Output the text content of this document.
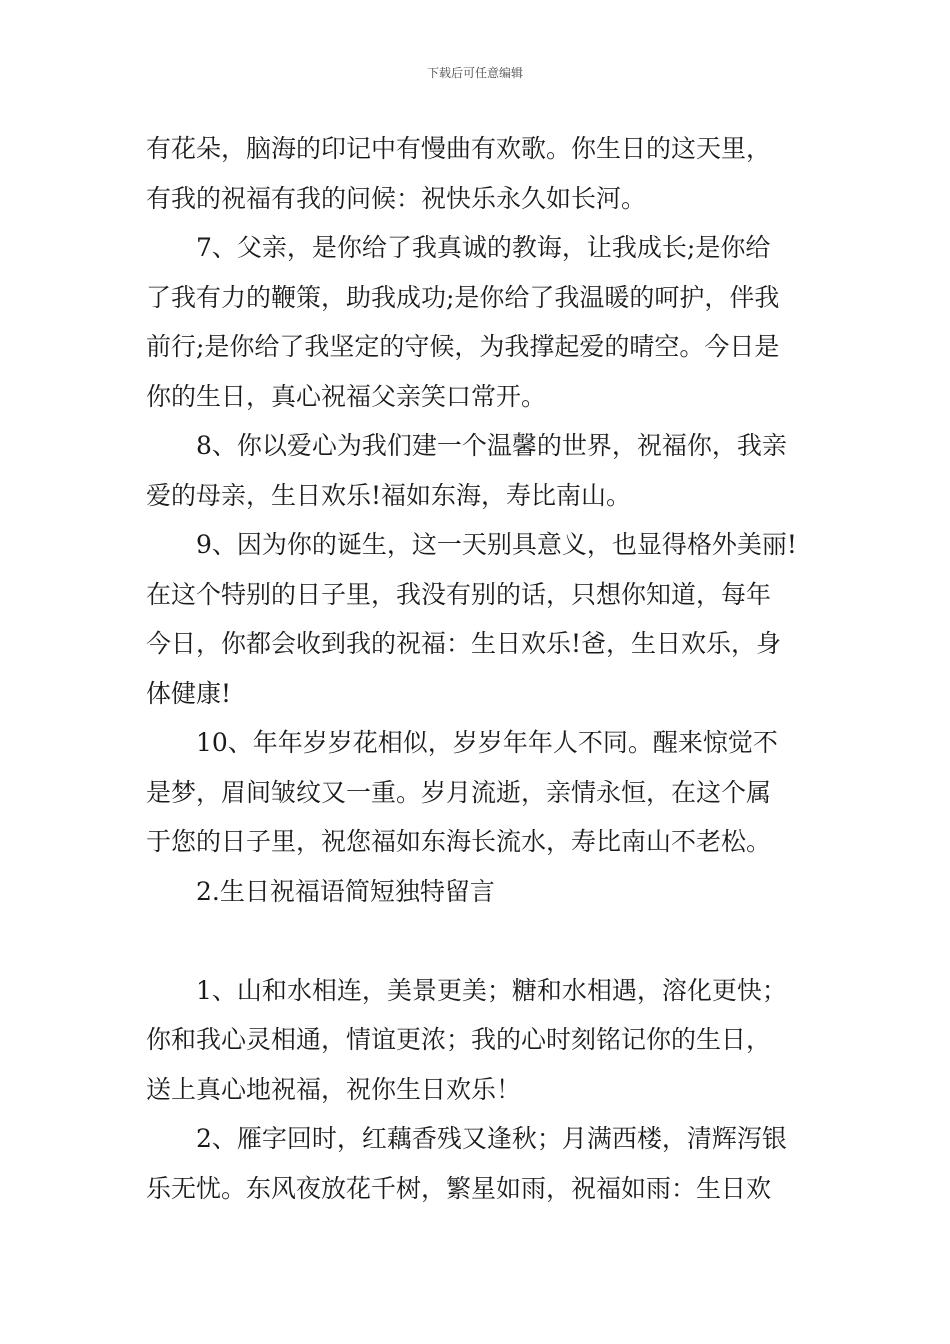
下载后可任意编辑
有花朵，脑海的印记中有慢曲有欢歌。你生日的这天里，
有我的祝福有我的问候：祝快乐永久如长河。
7、父亲，是你给了我真诚的教诲，让我成长;是你给
了我有力的鞭策，助我成功;是你给了我温暖的呵护，伴我
前行;是你给了我坚定的守候，为我撑起爱的晴空。今日是
你的生日，真心祝福父亲笑口常开。
8、你以爱心为我们建一个温馨的世界，祝福你，我亲
爱的母亲，生日欢乐!福如东海，寿比南山。
9、因为你的诞生，这一天别具意义，也显得格外美丽!
在这个特别的日子里，我没有别的话，只想你知道，每年
今日，你都会收到我的祝福：生日欢乐!爸，生日欢乐，身
体健康!
10、年年岁岁花相似，岁岁年年人不同。醒来惊觉不
是梦，眉间皱纹又一重。岁月流逝，亲情永恒，在这个属
于您的日子里，祝您福如东海长流水，寿比南山不老松。
2.生日祝福语简短独特留言
1、山和水相连，美景更美；糖和水相遇，溶化更快；
你和我心灵相通，情谊更浓；我的心时刻铭记你的生日，
送上真心地祝福，祝你生日欢乐！
2、雁字回时，红藕香残又逢秋；月满西楼，清辉泻银
乐无忧。东风夜放花千树，繁星如雨，祝福如雨：生日欢
